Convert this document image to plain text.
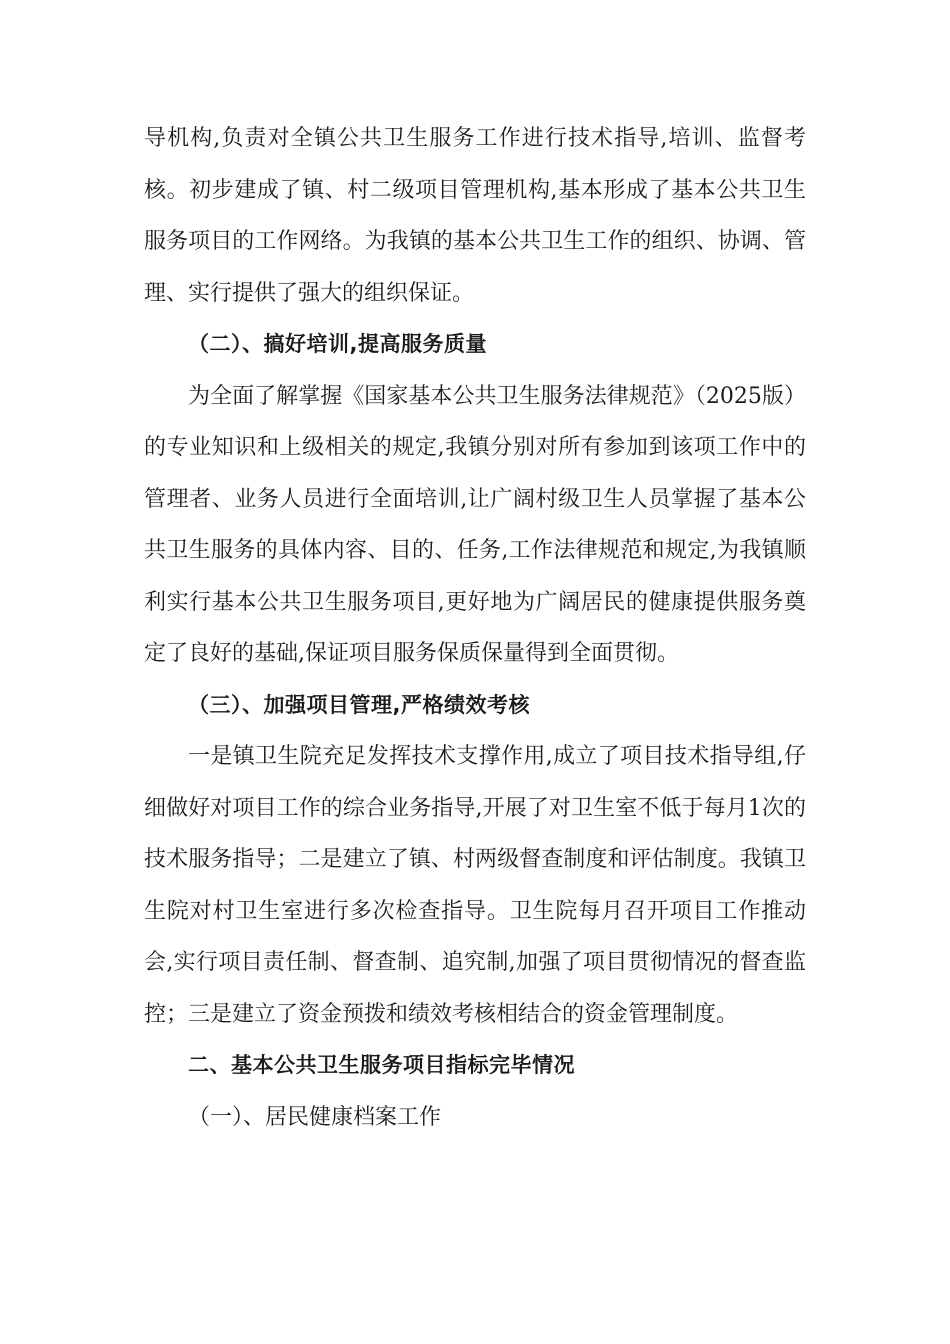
导机构,负责对全镇公共卫生服务工作进行技术指导,培训、监督考核。初步建成了镇、村二级项目管理机构,基本形成了基本公共卫生服务项目的工作网络。为我镇的基本公共卫生工作的组织、协调、管理、实行提供了强大的组织保证。

（二）、搞好培训,提高服务质量

为全面了解掌握《国家基本公共卫生服务法律规范》（2025版）的专业知识和上级相关的规定,我镇分别对所有参加到该项工作中的管理者、业务人员进行全面培训,让广阔村级卫生人员掌握了基本公共卫生服务的具体内容、目的、任务,工作法律规范和规定,为我镇顺利实行基本公共卫生服务项目,更好地为广阔居民的健康提供服务奠定了良好的基础,保证项目服务保质保量得到全面贯彻。

（三）、加强项目管理,严格绩效考核

一是镇卫生院充足发挥技术支撑作用,成立了项目技术指导组,仔细做好对项目工作的综合业务指导,开展了对卫生室不低于每月1次的技术服务指导；二是建立了镇、村两级督查制度和评估制度。我镇卫生院对村卫生室进行多次检查指导。卫生院每月召开项目工作推动会,实行项目责任制、督查制、追究制,加强了项目贯彻情况的督查监控；三是建立了资金预拨和绩效考核相结合的资金管理制度。

二、基本公共卫生服务项目指标完毕情况

（一）、居民健康档案工作
